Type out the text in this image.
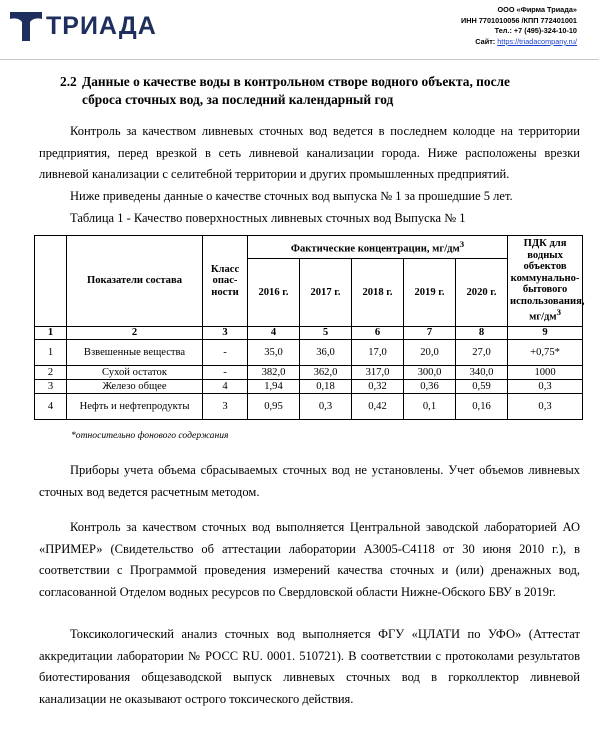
ТРИАДА
ООО «Фирма Триада»
ИНН 7701010056 /КПП 772401001
Тел.: +7 (495)-324-10-10
Сайт: https://triadacompany.ru/
2.2 Данные о качестве воды в контрольном створе водного объекта, после сброса сточных вод, за последний календарный год
Контроль за качеством ливневых сточных вод ведется в последнем колодце на территории предприятия, перед врезкой в сеть ливневой канализации города. Ниже расположены врезки ливневой канализации с селитебной территории и других промышленных предприятий.
Ниже приведены данные о качестве сточных вод выпуска № 1 за прошедшие 5 лет.
Таблица 1 - Качество поверхностных ливневых сточных вод Выпуска № 1
	Показатели состава	Класс опас-ности	Фактические концентрации, $мг/дм^3$					ПДК для водных объектов коммунально-бытового использования, $мг/дм^3$
			2016 г.	2017 г.	2018 г.	2019 г.	2020 г.	
1	2	3	4	5	6	7	8	9
1	Взвешенные вещества	-	35,0	36,0	17,0	20,0	27,0	+0,75*
2	Сухой остаток	-	382,0	362,0	317,0	300,0	340,0	1000
3	Железо общее	4	1,94	0,18	0,32	0,36	0,59	0,3
4	Нефть и нефтепродукты	3	0,95	0,3	0,42	0,1	0,16	0,3
*относительно фонового содержания
Приборы учета объема сбрасываемых сточных вод не установлены. Учет объемов ливневых сточных вод ведется расчетным методом.
Контроль за качеством сточных вод выполняется Центральной заводской лабораторией АО «ПРИМЕР» (Свидетельство об аттестации лаборатории А3005-С4118 от 30 июня 2010 г.), в соответствии с Программой проведения измерений качества сточных и (или) дренажных вод, согласованной Отделом водных ресурсов по Свердловской области Нижне-Обского БВУ в 2019г.
Токсикологический анализ сточных вод выполняется ФГУ «ЦЛАТИ по УФО» (Аттестат аккредитации лаборатории № РОСС RU. 0001. 510721). В соответствии с протоколами результатов биотестирования общезаводской выпуск ливневых сточных вод в горколлектор ливневой канализации не оказывают острого токсического действия.
